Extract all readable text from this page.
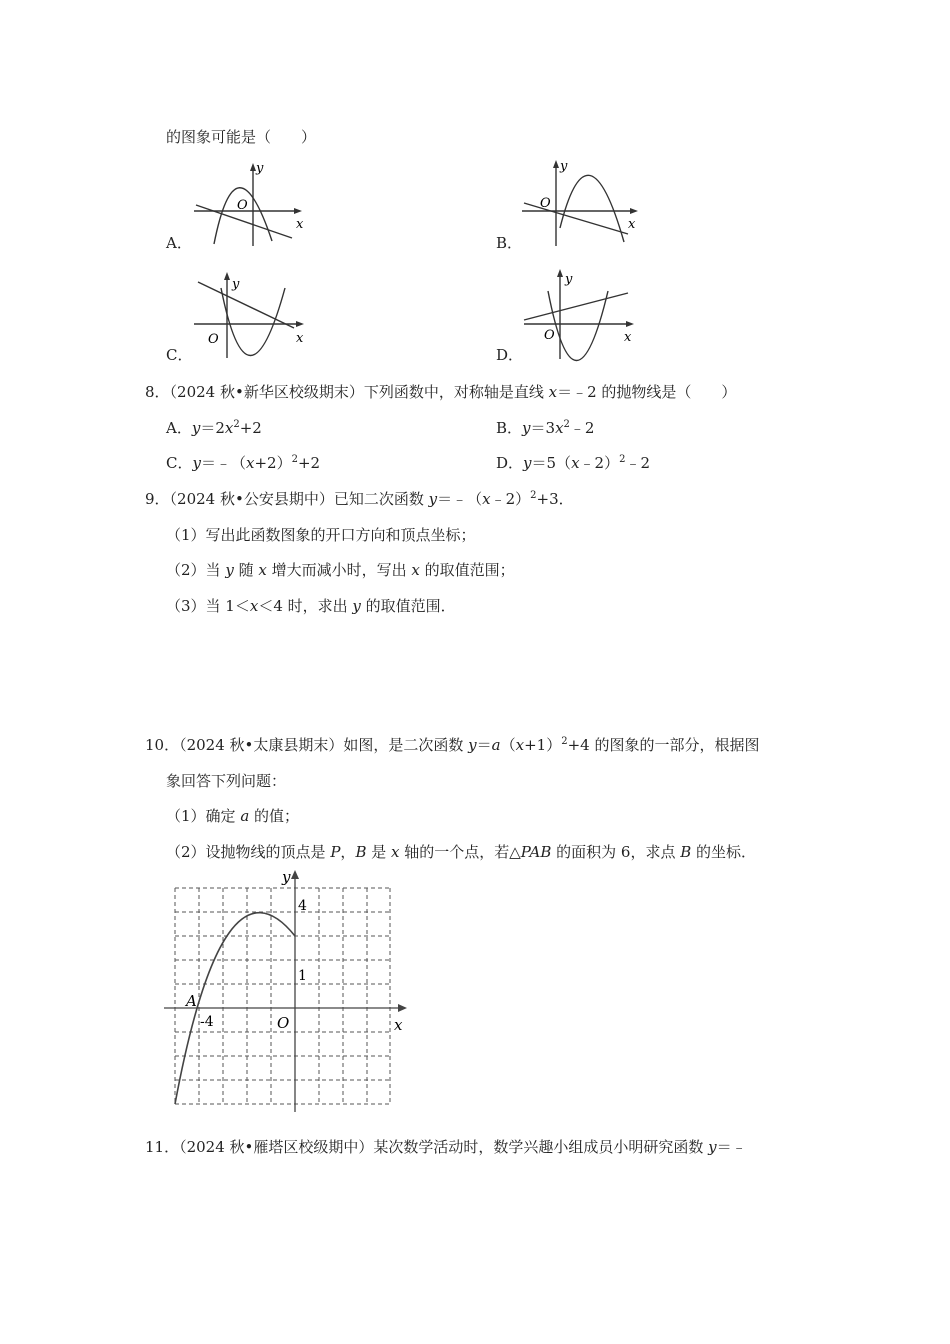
的图象可能是（　　）
A．
y
x
O
B．
y
x
O
C．
y
x
O
D．
y
x
O
8．（2024 秋•新华区校级期末）下列函数中，对称轴是直线 x＝﹣2 的抛物线是（　　）
A．$y=2x^2+2$	B．$y=3x^2﹣2$
C．$y=﹣(x+2)^2+2$	D．y＝5（x﹣2）$^2$﹣2
9．（2024 秋•公安县期中）已知二次函数 y＝﹣（x﹣2）$^2$+3．
（1）写出此函数图象的开口方向和顶点坐标；
（2）当 y 随 x 增大而减小时，写出 x 的取值范围；
（3）当 1＜x＜4 时，求出 y 的取值范围．
10．（2024 秋•太康县期末）如图，是二次函数 $y=a(x+1)^2+4$ 的图象的一部分，根据图
象回答下列问题：
（1）确定 a 的值；
（2）设抛物线的顶点是 P，B 是 x 轴的一个点，若△PAB 的面积为 6，求点 B 的坐标．
y
x
4
1
-4	O
A
11．（2024 秋•雁塔区校级期中）某次数学活动时，数学兴趣小组成员小明研究函数 y＝﹣
